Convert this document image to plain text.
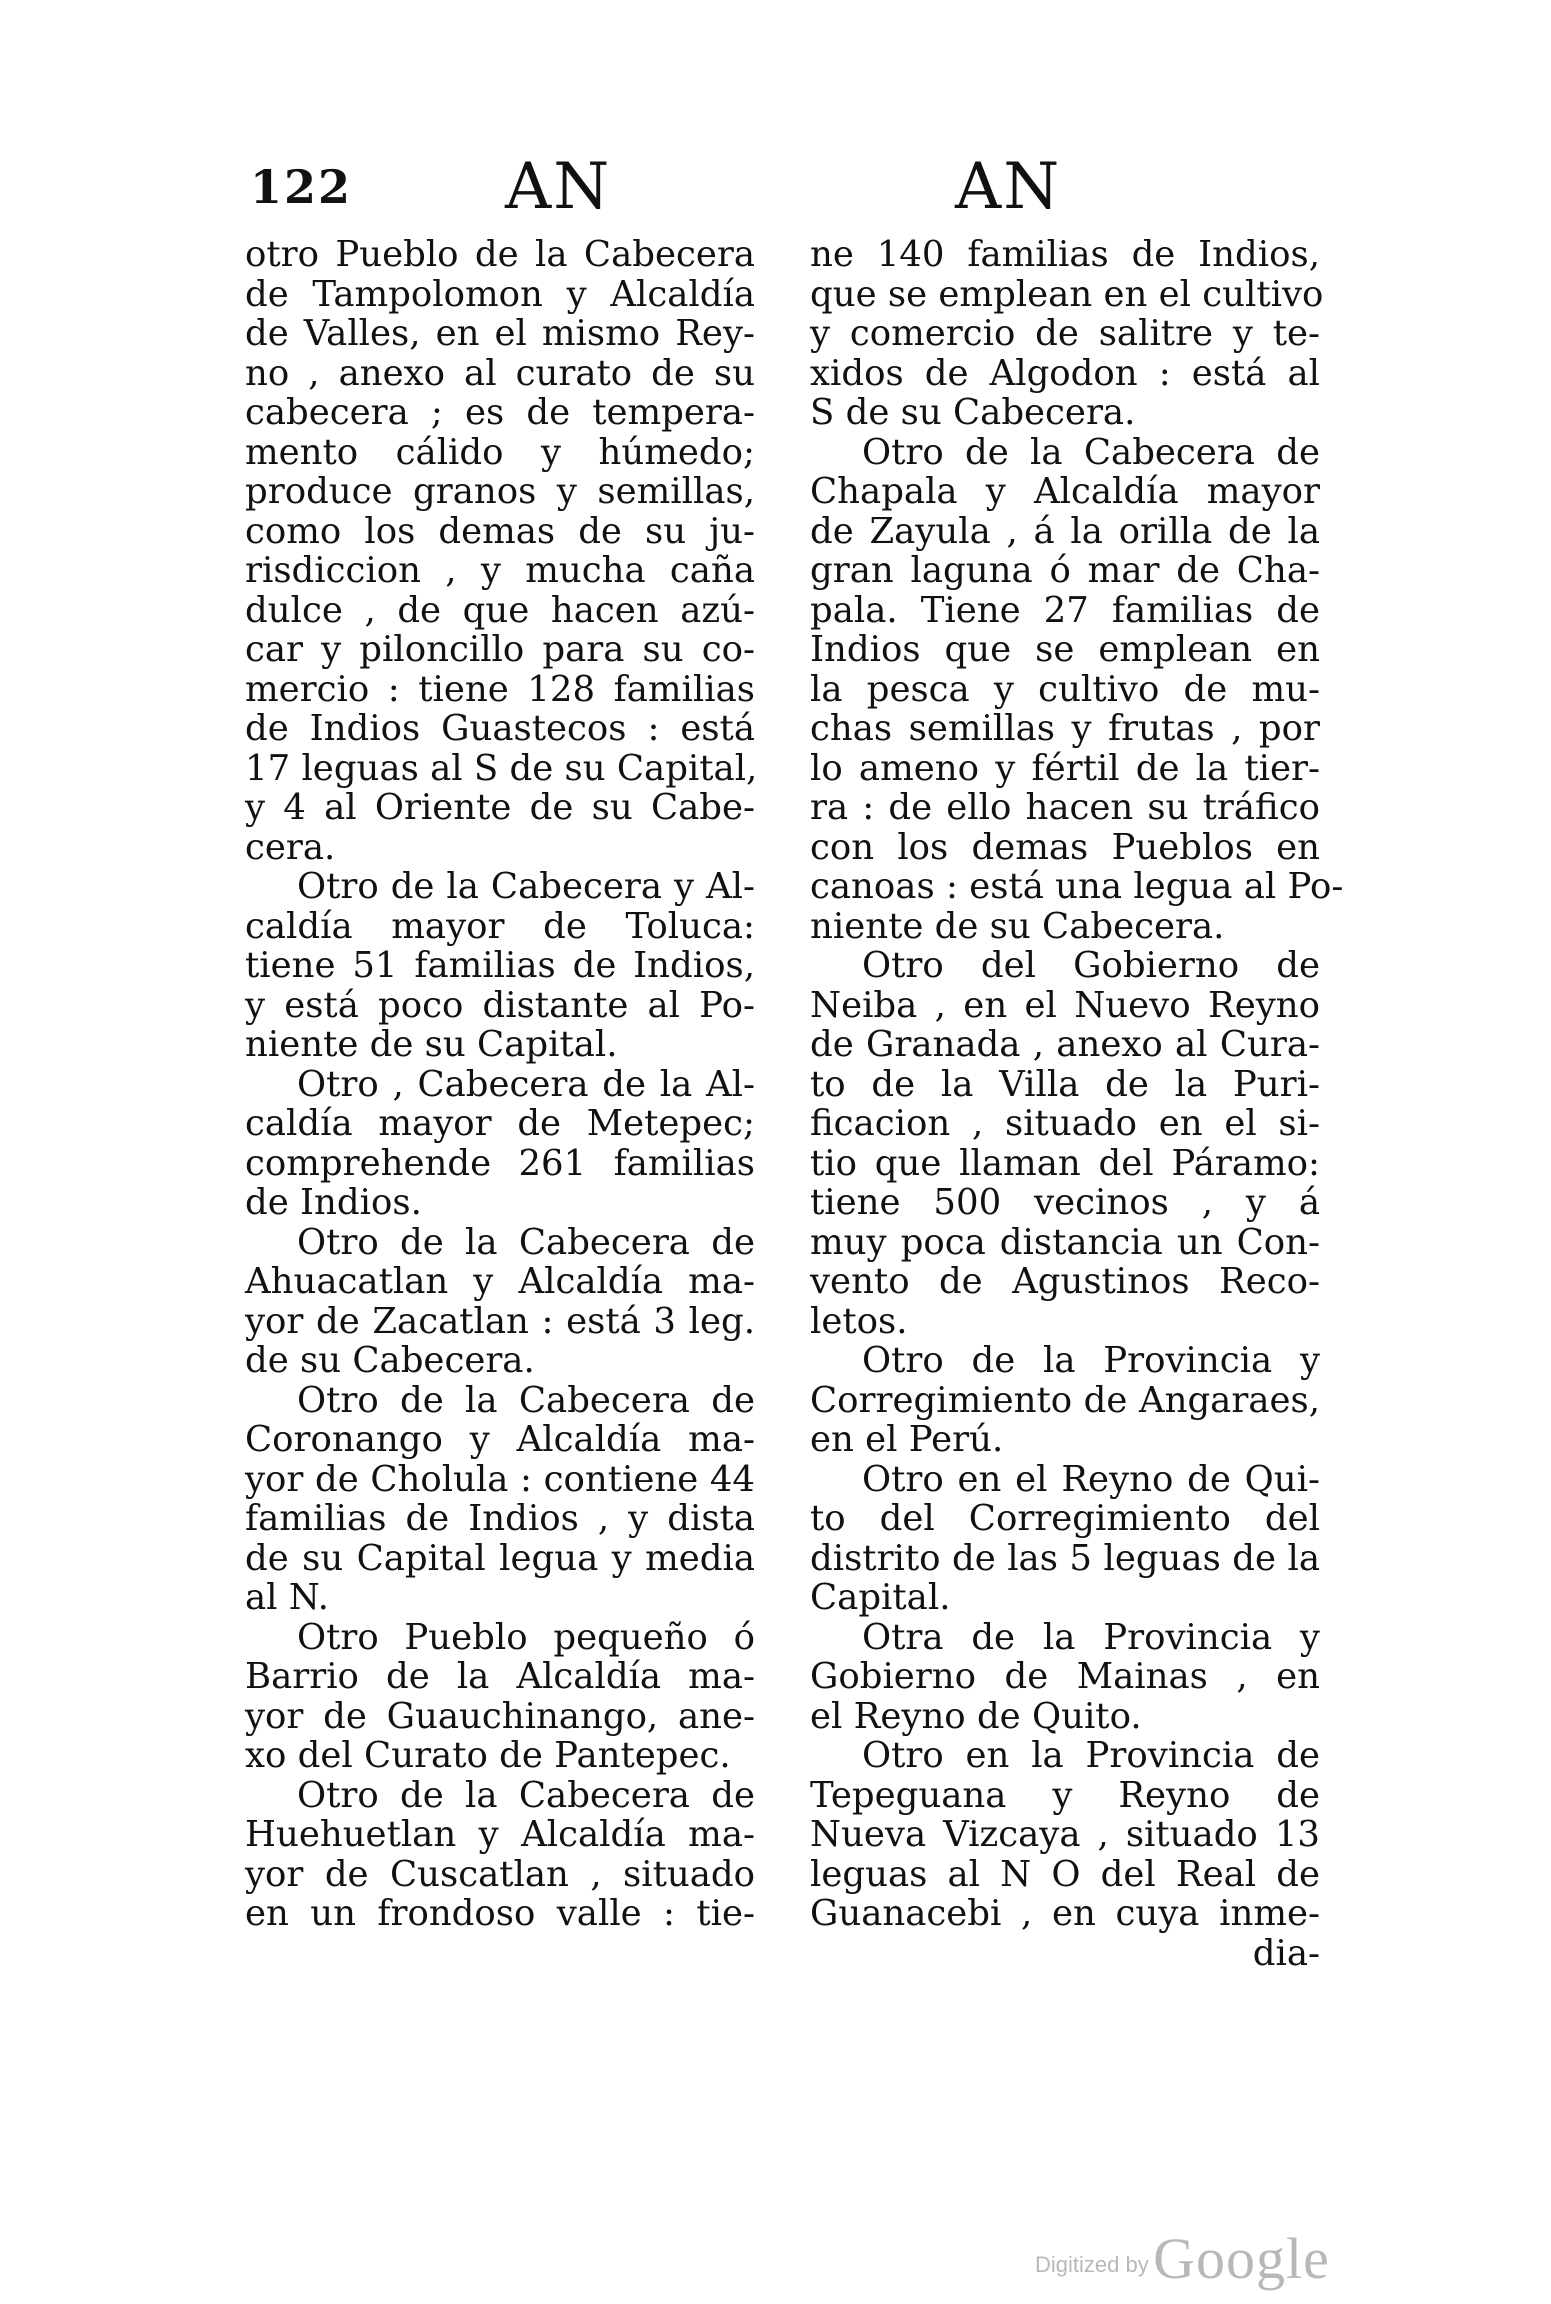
122 AN	AN
otro Pueblo de la Cabecera
de Tampolomon y Alcaldía
de Valles, en el mismo Rey-
no , anexo al curato de su
cabecera ; es de tempera-
mento cálido y húmedo;
produce granos y semillas,
como los demas de su ju-
risdiccion , y mucha caña
dulce , de que hacen azú-
car y piloncillo para su co-
mercio : tiene 128 familias
de Indios Guastecos : está
17 leguas al S de su Capital,
y 4 al Oriente de su Cabe-
cera.
Otro de la Cabecera y Al-
caldía mayor de Toluca:
tiene 51 familias de Indios,
y está poco distante al Po-
niente de su Capital.
Otro , Cabecera de la Al-
caldía mayor de Metepec;
comprehende 261 familias
de Indios.
Otro de la Cabecera de
Ahuacatlan y Alcaldía ma-
yor de Zacatlan : está 3 leg.
de su Cabecera.
Otro de la Cabecera de
Coronango y Alcaldía ma-
yor de Cholula : contiene 44
familias de Indios , y dista
de su Capital legua y media
al N.
Otro Pueblo pequeño ó
Barrio de la Alcaldía ma-
yor de Guauchinango, ane-
xo del Curato de Pantepec.
Otro de la Cabecera de
Huehuetlan y Alcaldía ma-
yor de Cuscatlan , situado
en un frondoso valle : tie-
ne 140 familias de Indios,
que se emplean en el cultivo
y comercio de salitre y te-
xidos de Algodon : está al
S de su Cabecera.
Otro de la Cabecera de
Chapala y Alcaldía mayor
de Zayula , á la orilla de la
gran laguna ó mar de Cha-
pala. Tiene 27 familias de
Indios que se emplean en
la pesca y cultivo de mu-
chas semillas y frutas , por
lo ameno y fértil de la tier-
ra : de ello hacen su tráfico
con los demas Pueblos en
canoas : está una legua al Po-
niente de su Cabecera.
Otro del Gobierno de
Neiba , en el Nuevo Reyno
de Granada , anexo al Cura-
to de la Villa de la Puri-
ficacion , situado en el si-
tio que llaman del Páramo:
tiene 500 vecinos , y á
muy poca distancia un Con-
vento de Agustinos Reco-
letos.
Otro de la Provincia y
Corregimiento de Angaraes,
en el Perú.
Otro en el Reyno de Qui-
to del Corregimiento del
distrito de las 5 leguas de la
Capital.
Otra de la Provincia y
Gobierno de Mainas , en
el Reyno de Quito.
Otro en la Provincia de
Tepeguana y Reyno de
Nueva Vizcaya , situado 13
leguas al N O del Real de
Guanacebi , en cuya inme-
dia-
Digitized by Google
